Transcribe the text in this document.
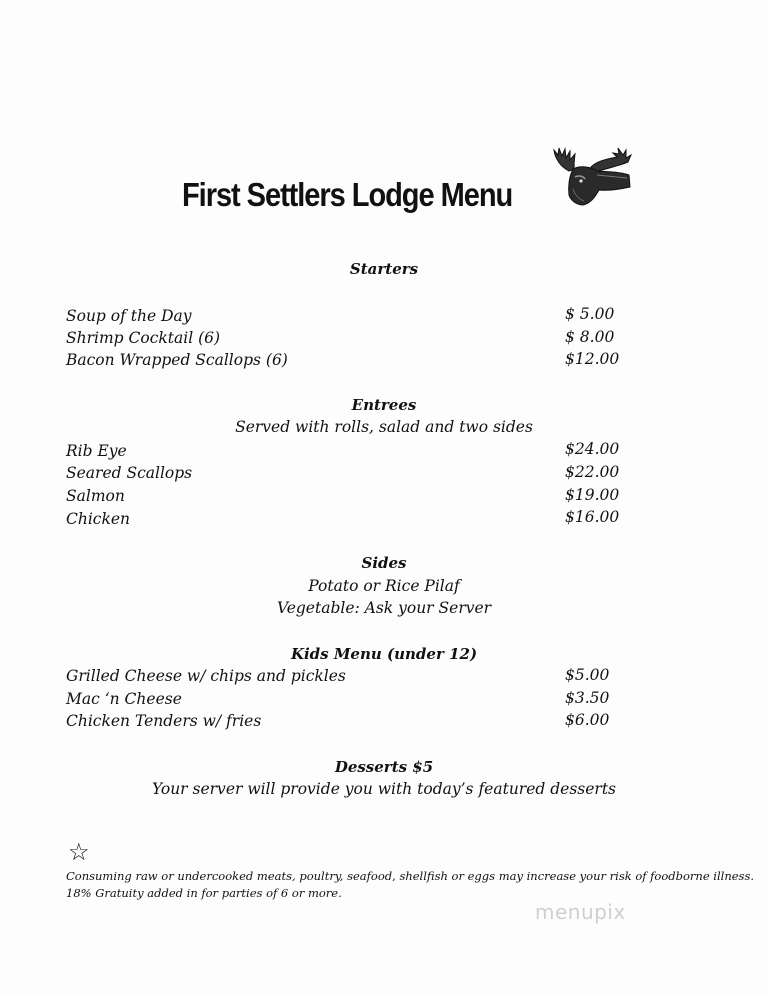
First Settlers Lodge Menu
Starters
Soup of the Day	$ 5.00
Shrimp Cocktail (6)	$ 8.00
Bacon Wrapped Scallops (6)	$12.00
Entrees
Served with rolls, salad and two sides
Rib Eye	$24.00
Seared Scallops	$22.00
Salmon	$19.00
Chicken	$16.00
Sides
Potato or Rice Pilaf
Vegetable: Ask your Server
Kids Menu (under 12)
Grilled Cheese w/ chips and pickles	$5.00
Mac ‘n Cheese	$3.50
Chicken Tenders w/ fries	$6.00
Desserts $5
Your server will provide you with today’s featured desserts
☆
Consuming raw or undercooked meats, poultry, seafood, shellfish or eggs may increase your risk of foodborne illness.
18% Gratuity added in for parties of 6 or more.
menupix
